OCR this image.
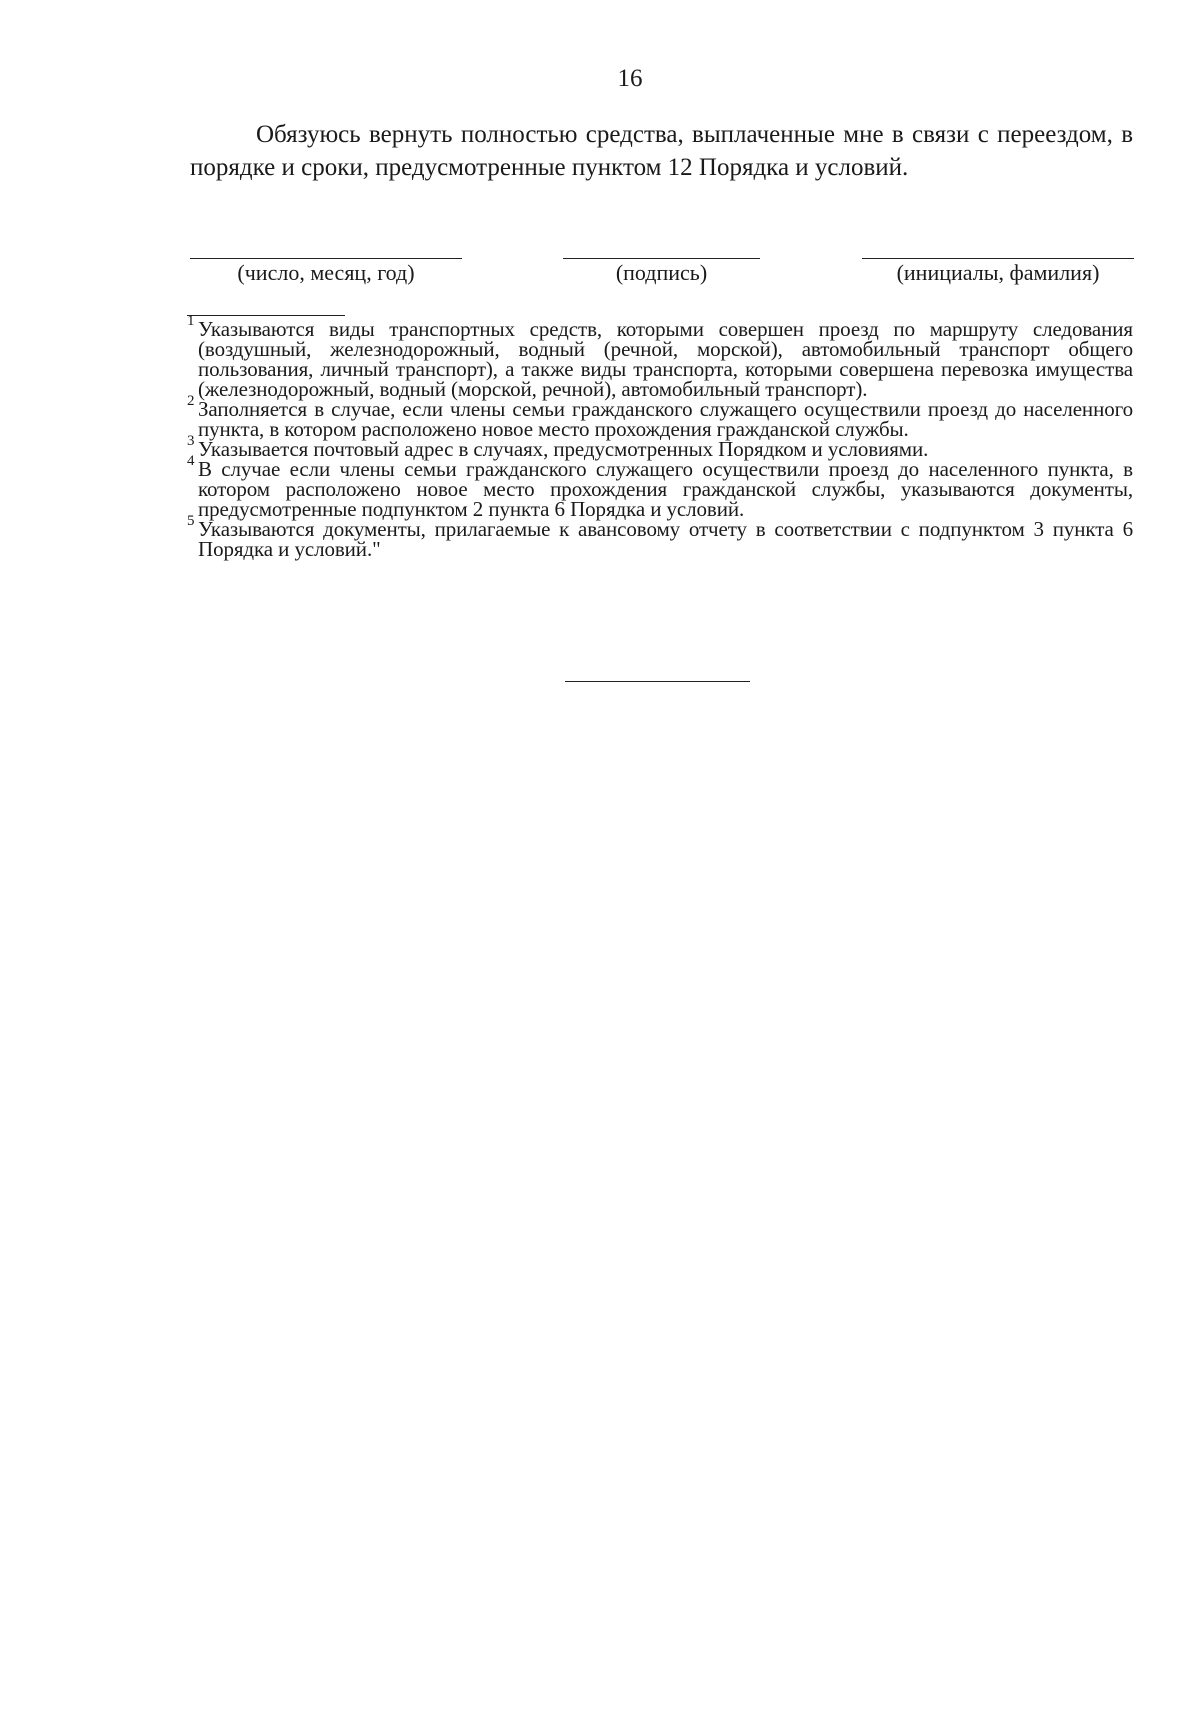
16

Обязуюсь вернуть полностью средства, выплаченные мне в связи с переездом, в порядке и сроки, предусмотренные пунктом 12 Порядка и условий.

(число, месяц, год)	(подпись)	(инициалы, фамилия)

1 Указываются виды транспортных средств, которыми совершен проезд по маршруту следования (воздушный, железнодорожный, водный (речной, морской), автомобильный транспорт общего пользования, личный транспорт), а также виды транспорта, которыми совершена перевозка имущества (железнодорожный, водный (морской, речной), автомобильный транспорт).

2 Заполняется в случае, если члены семьи гражданского служащего осуществили проезд до населенного пункта, в котором расположено новое место прохождения гражданской службы.

3 Указывается почтовый адрес в случаях, предусмотренных Порядком и условиями.

4 В случае если члены семьи гражданского служащего осуществили проезд до населенного пункта, в котором расположено новое место прохождения гражданской службы, указываются документы, предусмотренные подпунктом 2 пункта 6 Порядка и условий.

5 Указываются документы, прилагаемые к авансовому отчету в соответствии с подпунктом 3 пункта 6 Порядка и условий."
